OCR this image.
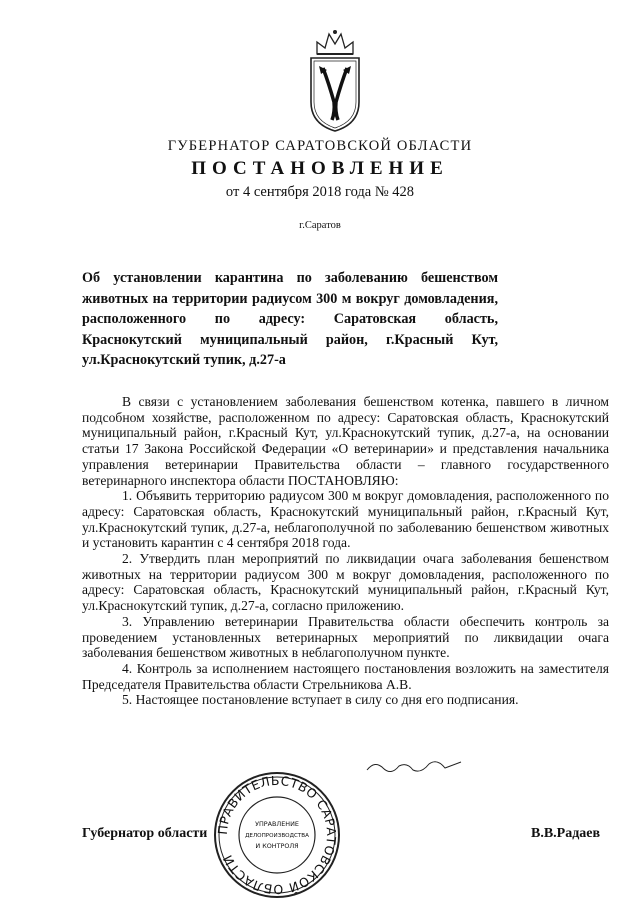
ГУБЕРНАТОР САРАТОВСКОЙ ОБЛАСТИ
ПОСТАНОВЛЕНИЕ
от 4 сентября 2018 года № 428
г.Саратов
Об установлении карантина по заболеванию бешенством животных на территории радиусом 300 м вокруг домовладения, расположенного по адресу: Саратовская область, Краснокутский муниципальный район, г.Красный Кут, ул.Краснокутский тупик, д.27-а

В связи с установлением заболевания бешенством котенка, павшего в личном подсобном хозяйстве, расположенном по адресу: Саратовская область, Краснокутский муниципальный район, г.Красный Кут, ул.Краснокутский тупик, д.27-а, на основании статьи 17 Закона Российской Федерации «О ветеринарии» и представления начальника управления ветеринарии Правительства области – главного государственного ветеринарного инспектора области ПОСТАНОВЛЯЮ:

1. Объявить территорию радиусом 300 м вокруг домовладения, расположенного по адресу: Саратовская область, Краснокутский муниципальный район, г.Красный Кут, ул.Краснокутский тупик, д.27-а, неблагополучной по заболеванию бешенством животных и установить карантин с 4 сентября 2018 года.

2. Утвердить план мероприятий по ликвидации очага заболевания бешенством животных на территории радиусом 300 м вокруг домовладения, расположенного по адресу: Саратовская область, Краснокутский муниципальный район, г.Красный Кут, ул.Краснокутский тупик, д.27-а, согласно приложению.

3. Управлению ветеринарии Правительства области обеспечить контроль за проведением установленных ветеринарных мероприятий по ликвидации очага заболевания бешенством животных в неблагополучном пункте.

4. Контроль за исполнением настоящего постановления возложить на заместителя Председателя Правительства области Стрельникова А.В.

5. Настоящее постановление вступает в силу со дня его подписания.

Губернатор области	В.В.Радаев
ПРАВИТЕЛЬСТВО САРАТОВСКОЙ ОБЛАСТИ
УПРАВЛЕНИЕ
ДЕЛОПРОИЗВОДСТВА
И КОНТРОЛЯ
